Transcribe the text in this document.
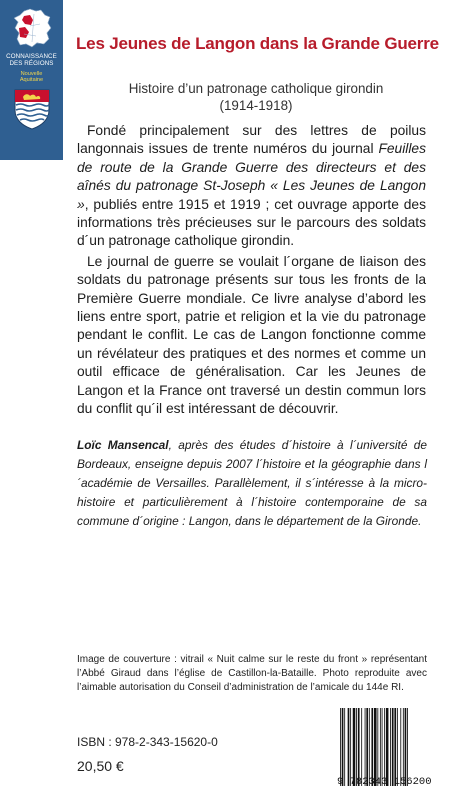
CONNAISSANCE
DES RÉGIONS
Nouvelle
Aquitaine
Les Jeunes de Langon dans la Grande Guerre
Histoire d’un patronage catholique girondin
(1914-1918)

Fondé principalement sur des lettres de poilus langonnais issues de trente numéros du journal Feuilles de route de la Grande Guerre des directeurs et des aînés du patronage St-Joseph « Les Jeunes de Langon », publiés entre 1915 et 1919 ; cet ouvrage apporte des informations très précieuses sur le parcours des soldats d´un patronage catholique girondin.

Le journal de guerre se voulait l´organe de liaison des soldats du patronage présents sur tous les fronts de la Première Guerre mondiale. Ce livre analyse d’abord les liens entre sport, patrie et religion et la vie du patronage pendant le conflit. Le cas de Langon fonctionne comme un révélateur des pratiques et des normes et comme un outil efficace de généralisation. Car les Jeunes de Langon et la France ont traversé un destin commun lors du conflit qu´il est intéressant de découvrir.

Loïc Mansencal, après des études d´histoire à l´université de Bordeaux, enseigne depuis 2007 l´histoire et la géographie dans l´académie de Versailles. Parallèlement, il s´intéresse à la micro-histoire et particulièrement à l´histoire contemporaine de sa commune d´origine : Langon, dans le département de la Gironde.
Image de couverture : vitrail « Nuit calme sur le reste du front » représentant l’Abbé Giraud dans l’église de Castillon-la-Bataille. Photo reproduite avec l’aimable autorisation du Conseil d’administration de l’amicale du 144e RI.
ISBN : 978-2-343-15620-0
20,50 €
9 782343 156200
